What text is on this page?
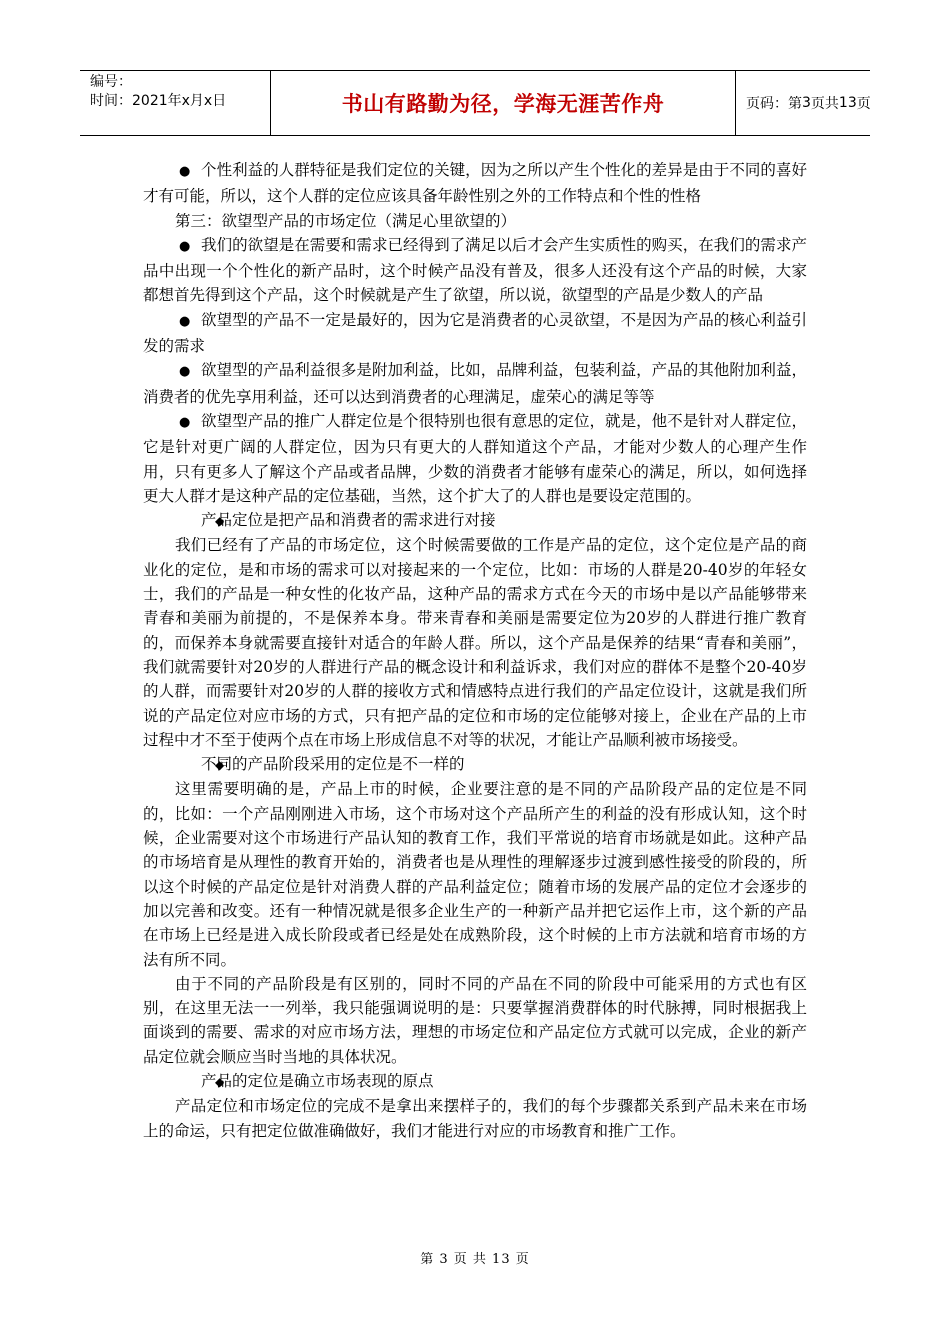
编号：
时间：2021年x月x日	书山有路勤为径，学海无涯苦作舟	页码：第 3 页 共 13 页

● 个性利益的人群特征是我们定位的关键，因为之所以产生个性化的差异是由于不同的喜好才有可能，所以，这个人群的定位应该具备年龄性别之外的工作特点和个性的性格

第三：欲望型产品的市场定位（满足心里欲望的）

● 我们的欲望是在需要和需求已经得到了满足以后才会产生实质性的购买，在我们的需求产品中出现一个个性化的新产品时，这个时候产品没有普及，很多人还没有这个产品的时候，大家都想首先得到这个产品，这个时候就是产生了欲望，所以说，欲望型的产品是少数人的产品

● 欲望型的产品不一定是最好的，因为它是消费者的心灵欲望，不是因为产品的核心利益引发的需求

● 欲望型的产品利益很多是附加利益，比如，品牌利益，包装利益，产品的其他附加利益，消费者的优先享用利益，还可以达到消费者的心理满足，虚荣心的满足等等

● 欲望型产品的推广人群定位是个很特别也很有意思的定位，就是，他不是针对人群定位，它是针对更广阔的人群定位，因为只有更大的人群知道这个产品，才能对少数人的心理产生作用，只有更多人了解这个产品或者品牌，少数的消费者才能够有虚荣心的满足，所以，如何选择更大人群才是这种产品的定位基础，当然，这个扩大了的人群也是要设定范围的。

◆ 产品定位是把产品和消费者的需求进行对接

我们已经有了产品的市场定位，这个时候需要做的工作是产品的定位，这个定位是产品的商业化的定位，是和市场的需求可以对接起来的一个定位，比如：市场的人群是20-40岁的年轻女士，我们的产品是一种女性的化妆产品，这种产品的需求方式在今天的市场中是以产品能够带来青春和美丽为前提的，不是保养本身。带来青春和美丽是需要定位为20岁的人群进行推广教育的，而保养本身就需要直接针对适合的年龄人群。所以，这个产品是保养的结果“青春和美丽”，我们就需要针对20岁的人群进行产品的概念设计和利益诉求，我们对应的群体不是整个20-40岁的人群，而需要针对20岁的人群的接收方式和情感特点进行我们的产品定位设计，这就是我们所说的产品定位对应市场的方式，只有把产品的定位和市场的定位能够对接上，企业在产品的上市过程中才不至于使两个点在市场上形成信息不对等的状况，才能让产品顺利被市场接受。

◆ 不同的产品阶段采用的定位是不一样的

这里需要明确的是，产品上市的时候，企业要注意的是不同的产品阶段产品的定位是不同的，比如：一个产品刚刚进入市场，这个市场对这个产品所产生的利益的没有形成认知，这个时候，企业需要对这个市场进行产品认知的教育工作，我们平常说的培育市场就是如此。这种产品的市场培育是从理性的教育开始的，消费者也是从理性的理解逐步过渡到感性接受的阶段的，所以这个时候的产品定位是针对消费人群的产品利益定位；随着市场的发展产品的定位才会逐步的加以完善和改变。还有一种情况就是很多企业生产的一种新产品并把它运作上市，这个新的产品在市场上已经是进入成长阶段或者已经是处在成熟阶段，这个时候的上市方法就和培育市场的方法有所不同。

由于不同的产品阶段是有区别的，同时不同的产品在不同的阶段中可能采用的方式也有区别，在这里无法一一列举，我只能强调说明的是：只要掌握消费群体的时代脉搏，同时根据我上面谈到的需要、需求的对应市场方法，理想的市场定位和产品定位方式就可以完成，企业的新产品定位就会顺应当时当地的具体状况。

◆ 产品的定位是确立市场表现的原点

产品定位和市场定位的完成不是拿出来摆样子的，我们的每个步骤都关系到产品未来在市场上的命运，只有把定位做准确做好，我们才能进行对应的市场教育和推广工作。

第 3 页 共 13 页
